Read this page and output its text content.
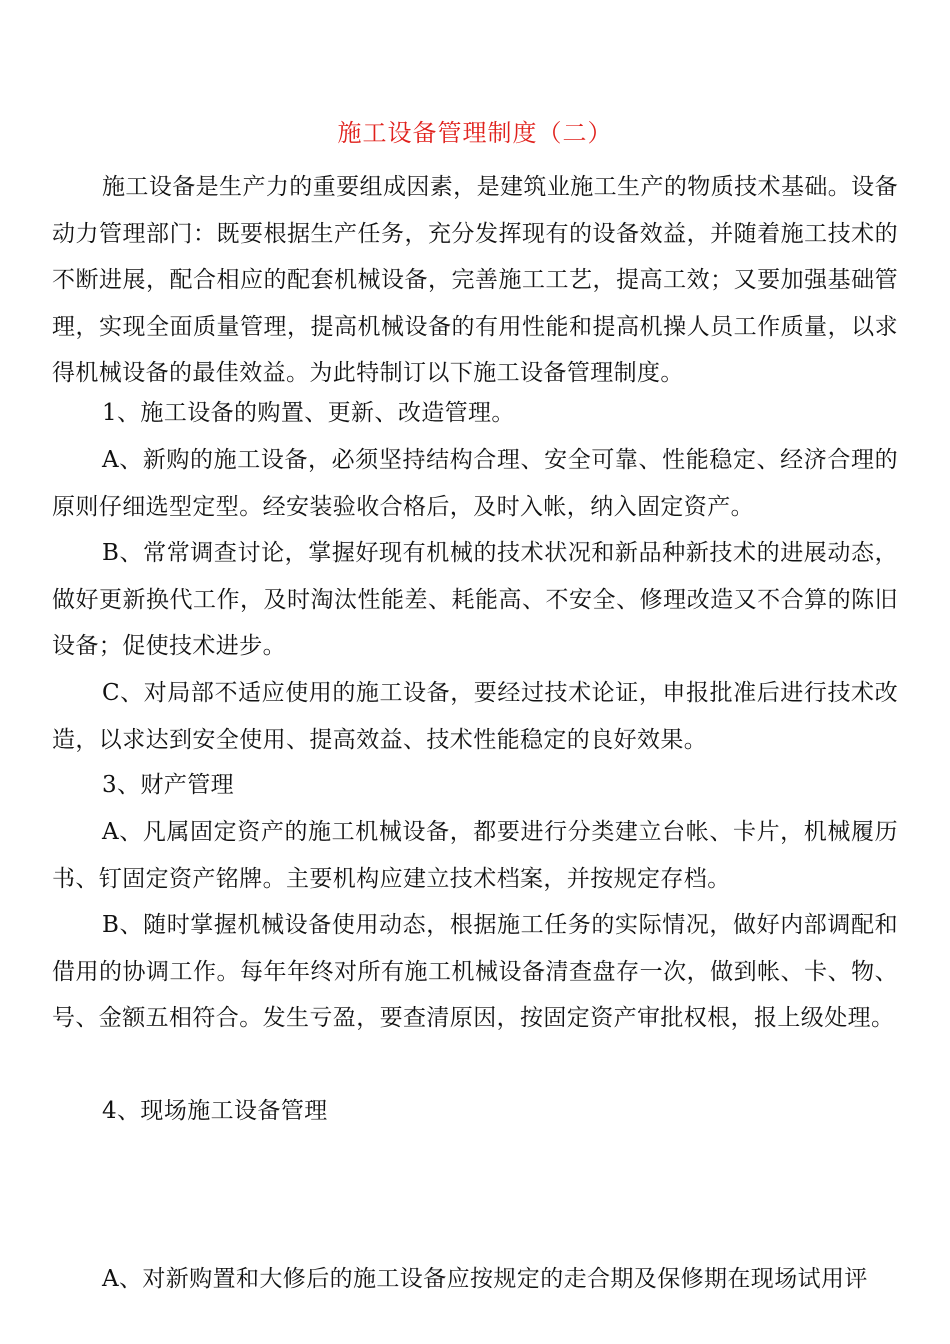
施工设备管理制度（二）

施工设备是生产力的重要组成因素，是建筑业施工生产的物质技术基础。设备动力管理部门：既要根据生产任务，充分发挥现有的设备效益，并随着施工技术的不断进展，配合相应的配套机械设备，完善施工工艺，提高工效；又要加强基础管理，实现全面质量管理，提高机械设备的有用性能和提高机操人员工作质量，以求得机械设备的最佳效益。为此特制订以下施工设备管理制度。

1、施工设备的购置、更新、改造管理。

A、新购的施工设备，必须坚持结构合理、安全可靠、性能稳定、经济合理的原则仔细选型定型。经安装验收合格后，及时入帐，纳入固定资产。

B、常常调查讨论，掌握好现有机械的技术状况和新品种新技术的进展动态，做好更新换代工作，及时淘汰性能差、耗能高、不安全、修理改造又不合算的陈旧设备；促使技术进步。

C、对局部不适应使用的施工设备，要经过技术论证，申报批准后进行技术改造，以求达到安全使用、提高效益、技术性能稳定的良好效果。

3、财产管理

A、凡属固定资产的施工机械设备，都要进行分类建立台帐、卡片，机械履历书、钉固定资产铭牌。主要机构应建立技术档案，并按规定存档。

B、随时掌握机械设备使用动态，根据施工任务的实际情况，做好内部调配和借用的协调工作。每年年终对所有施工机械设备清查盘存一次，做到帐、卡、物、号、金额五相符合。发生亏盈，要查清原因，按固定资产审批权根，报上级处理。

4、现场施工设备管理

A、对新购置和大修后的施工设备应按规定的走合期及保修期在现场试用评
